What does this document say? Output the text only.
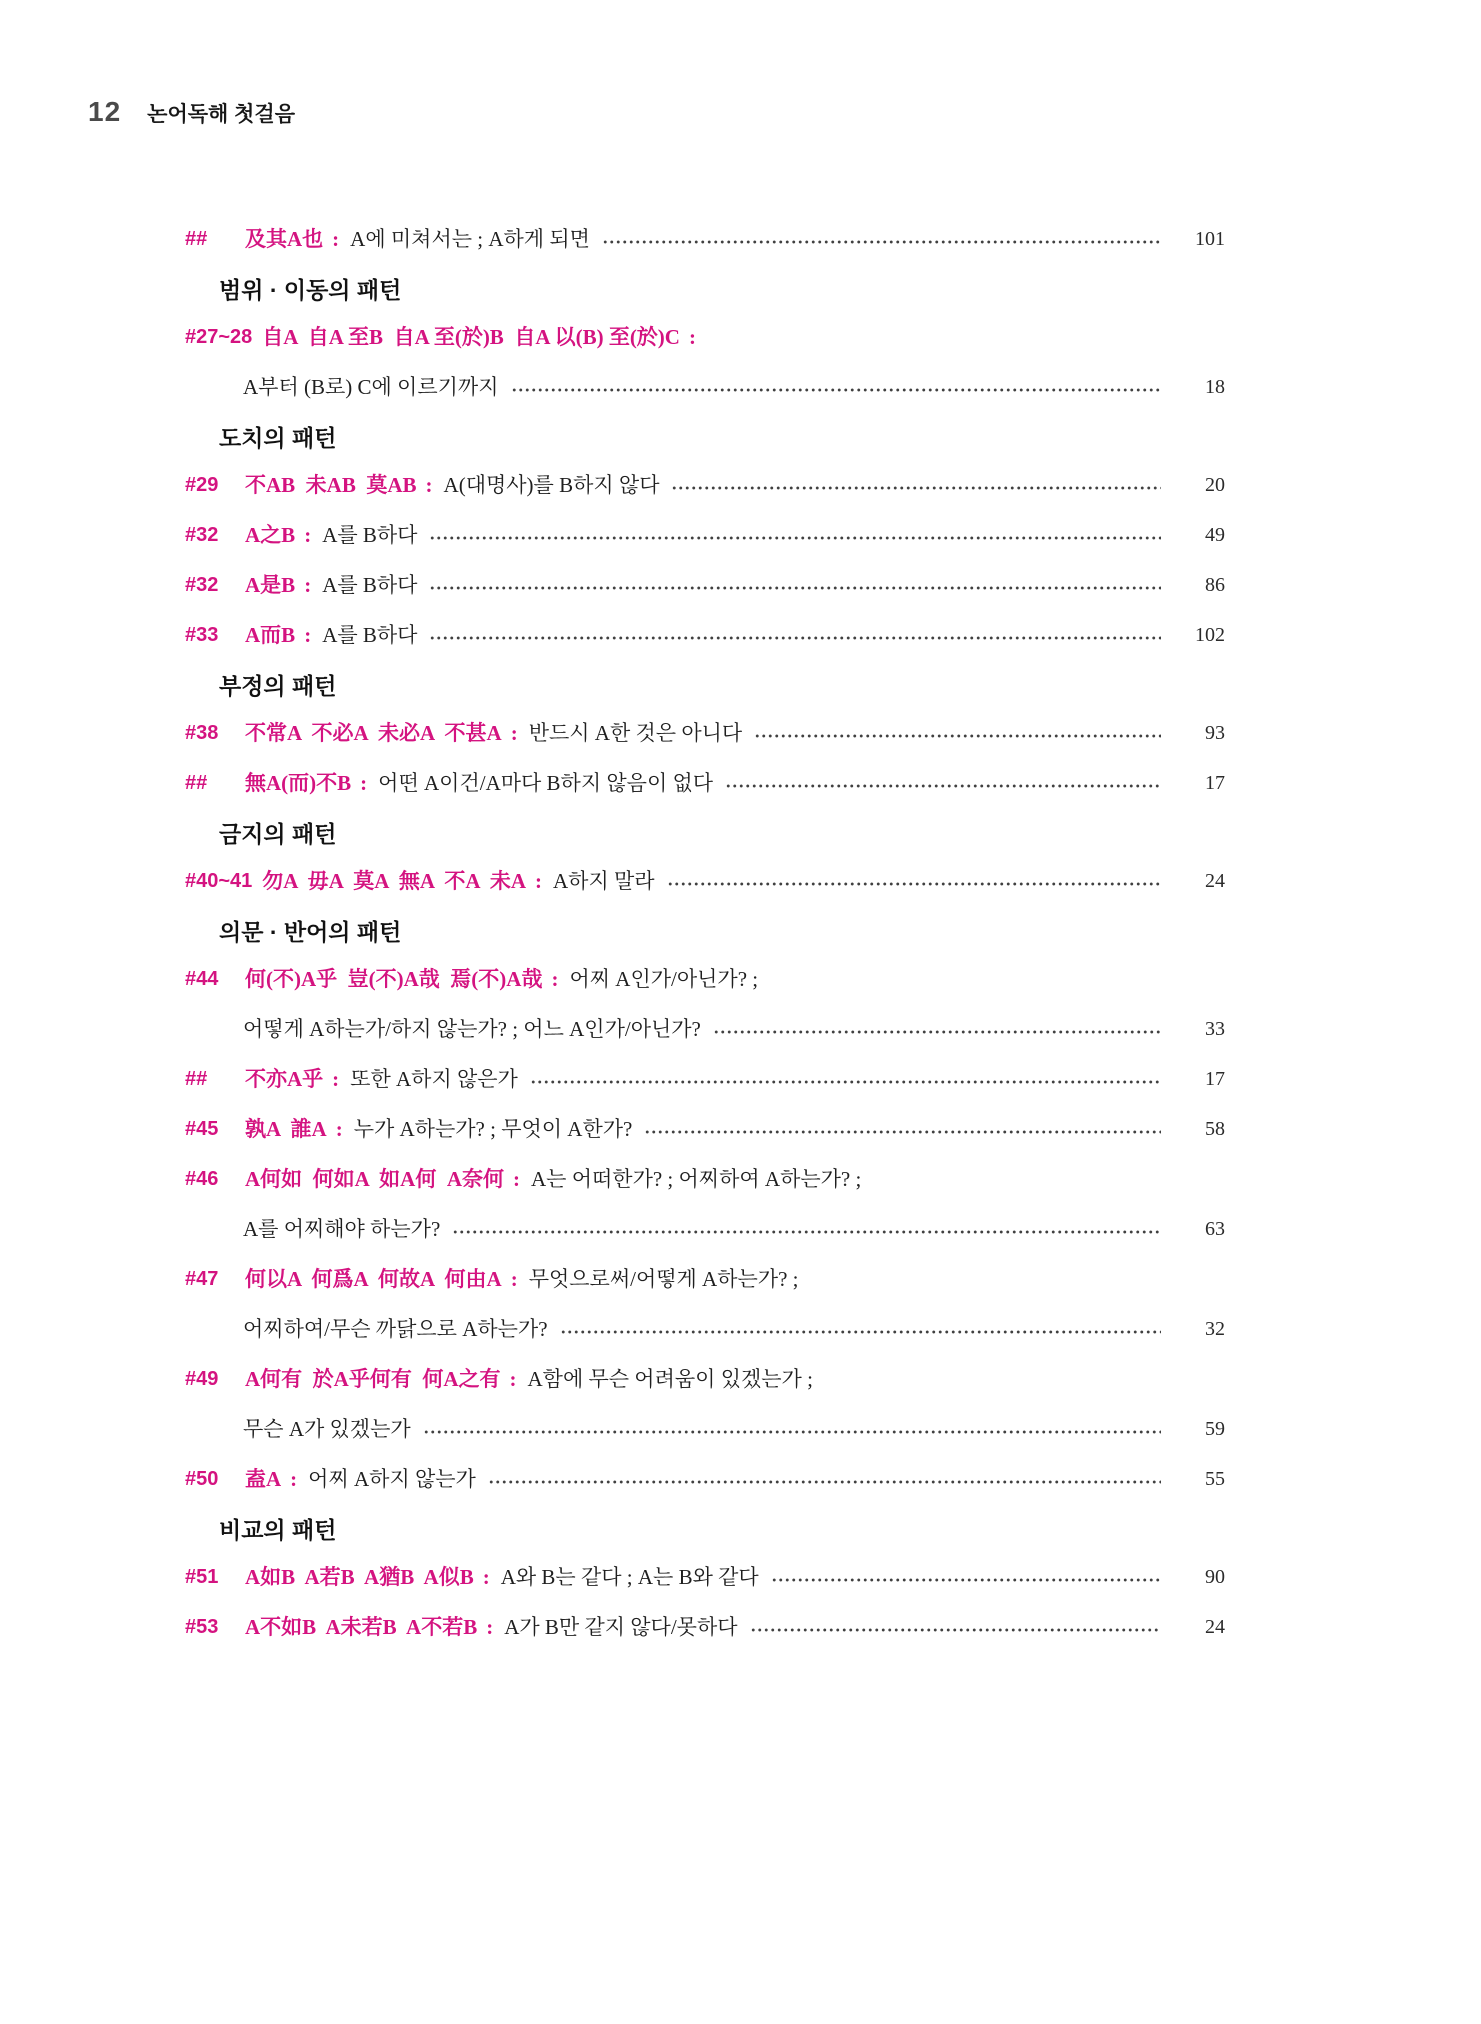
12 논어독해 첫걸음
##	及其A也 : A에 미쳐서는 ; A하게 되면	101
범위 · 이동의 패턴
#27~28 自A  自A 至B  自A 至(於)B  自A 以(B) 至(於)C :
A부터 (B로) C에 이르기까지	18
도치의 패턴
#29	不AB  未AB  莫AB : A(대명사)를 B하지 않다	20
#32	A之B : A를 B하다	49
#32	A是B : A를 B하다	86
#33	A而B : A를 B하다	102
부정의 패턴
#38	不常A  不必A  未必A  不甚A : 반드시 A한 것은 아니다	93
##	無A(而)不B : 어떤 A이건/A마다 B하지 않음이 없다	17
금지의 패턴
#40~41 勿A  毋A  莫A  無A  不A  未A : A하지 말라	24
의문 · 반어의 패턴
#44	何(不)A乎  豈(不)A哉  焉(不)A哉 : 어찌 A인가/아닌가? ;
어떻게 A하는가/하지 않는가? ; 어느 A인가/아닌가?	33
##	不亦A乎 : 또한 A하지 않은가	17
#45	孰A  誰A : 누가 A하는가? ; 무엇이 A한가?	58
#46	A何如  何如A  如A何  A奈何 : A는 어떠한가? ; 어찌하여 A하는가? ;
A를 어찌해야 하는가?	63
#47	何以A  何爲A  何故A  何由A : 무엇으로써/어떻게 A하는가? ;
어찌하여/무슨 까닭으로 A하는가?	32
#49	A何有  於A乎何有  何A之有 : A함에 무슨 어려움이 있겠는가 ;
무슨 A가 있겠는가	59
#50	盍A : 어찌 A하지 않는가	55
비교의 패턴
#51	A如B  A若B  A猶B  A似B : A와 B는 같다 ; A는 B와 같다	90
#53	A不如B  A未若B  A不若B : A가 B만 같지 않다/못하다	24
